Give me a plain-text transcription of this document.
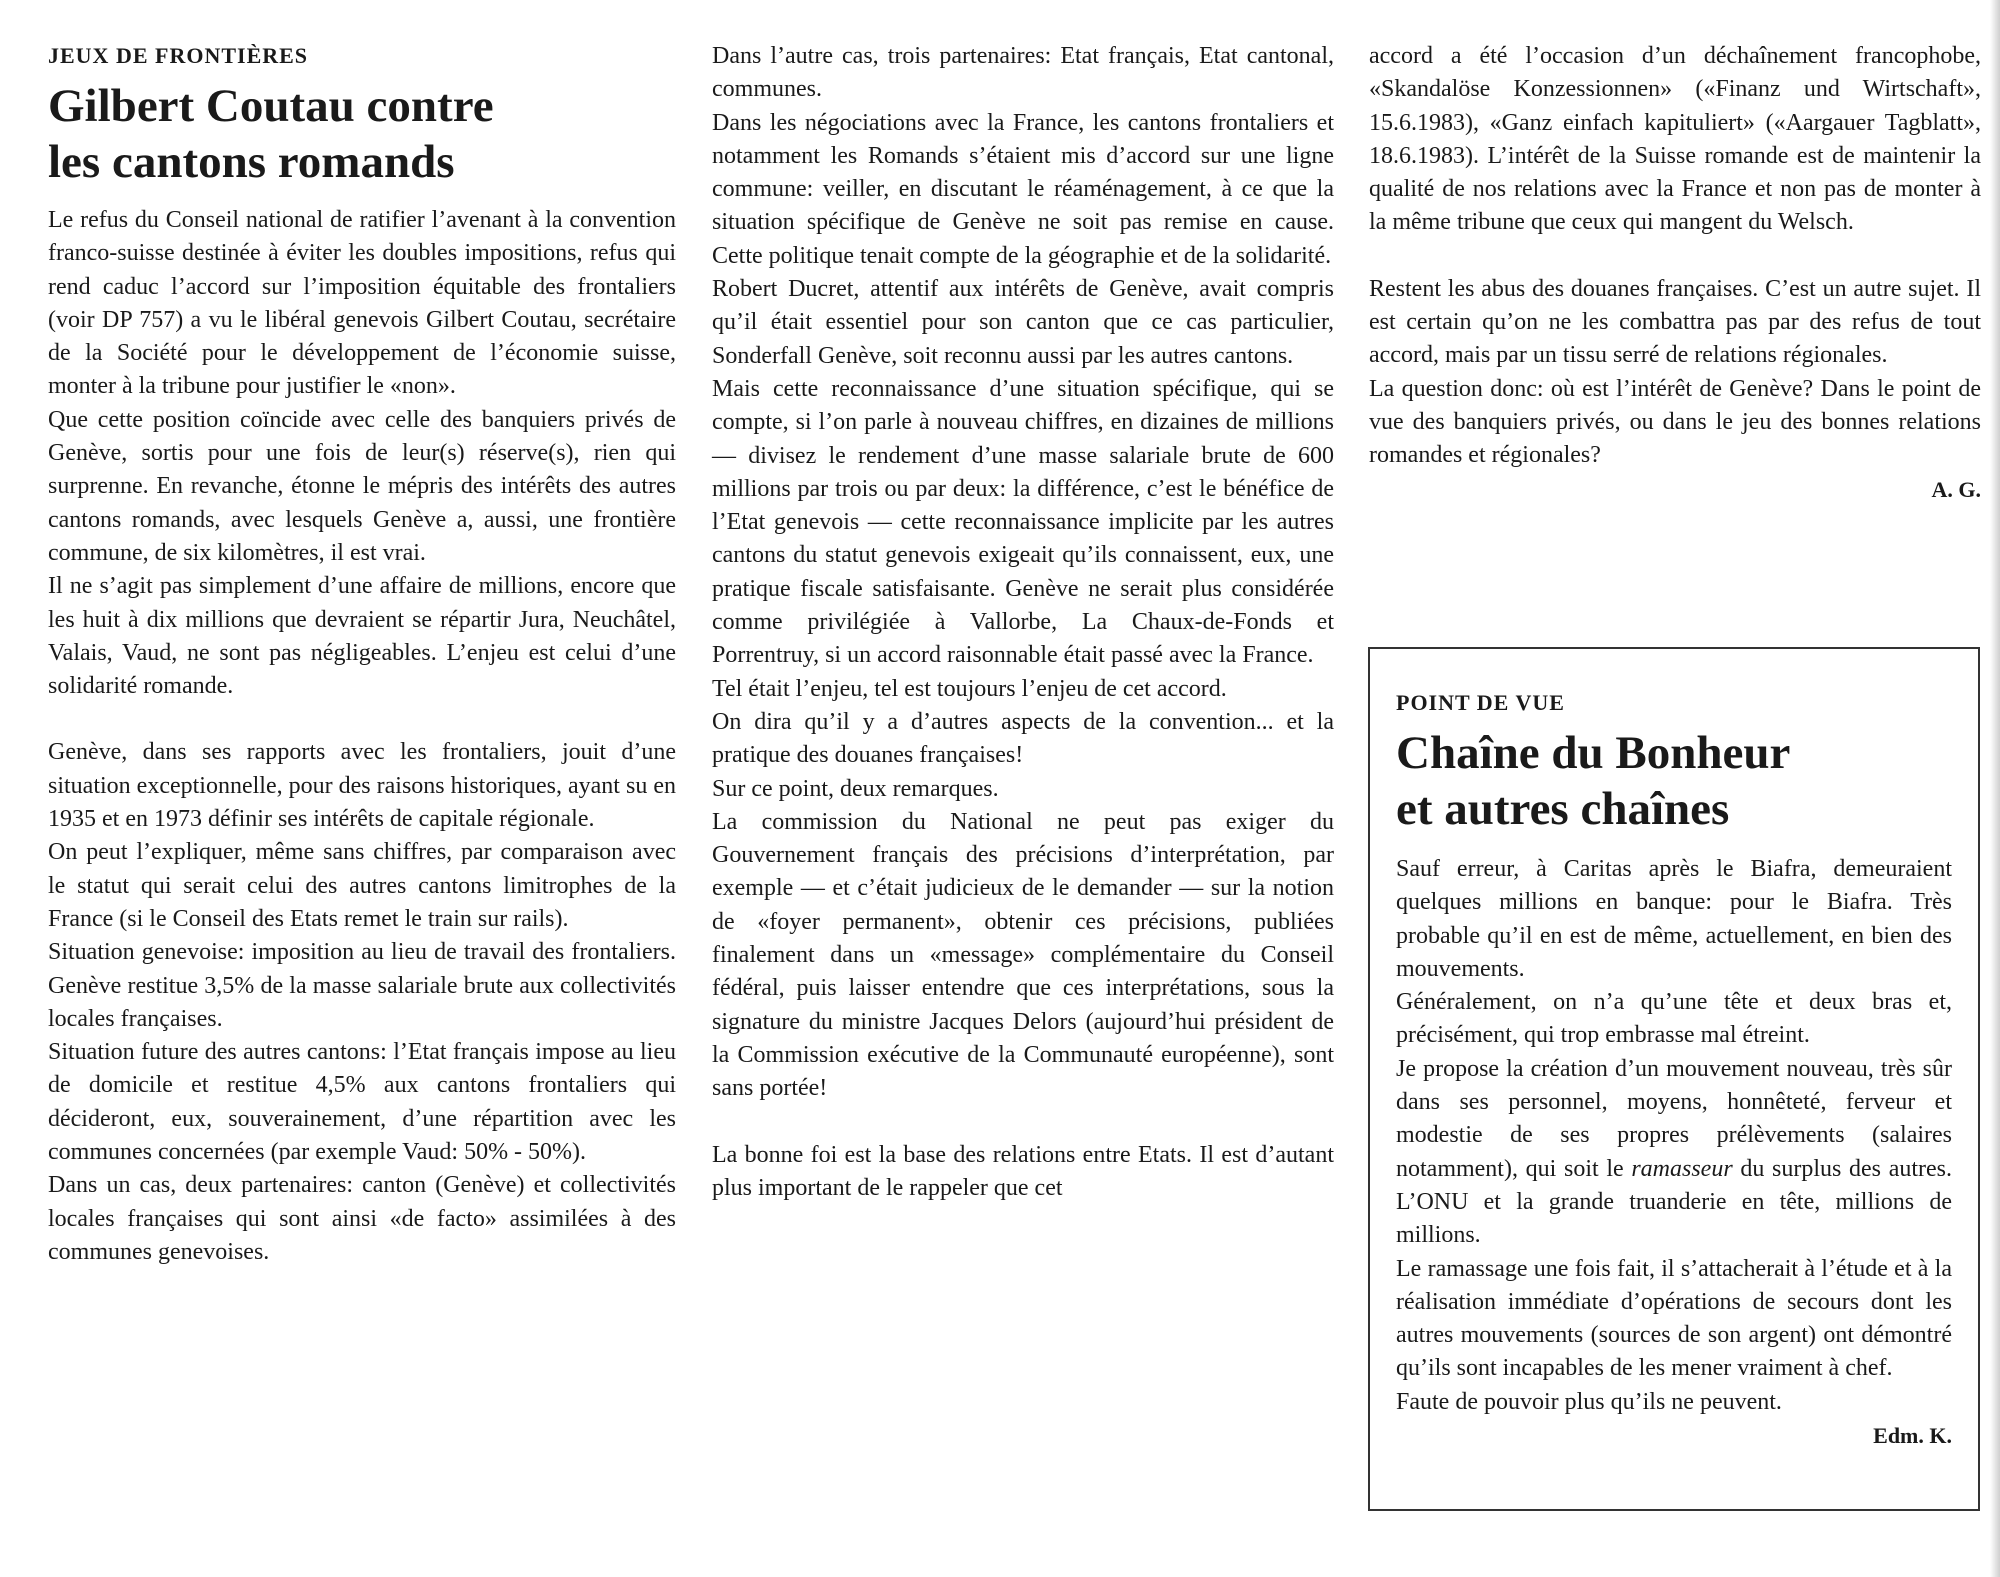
JEUX DE FRONTIÈRES
Gilbert Coutau contre
les cantons romands

Le refus du Conseil national de ratifier l’avenant à la convention franco-suisse destinée à éviter les doubles impositions, refus qui rend caduc l’accord sur l’imposition équitable des frontaliers (voir DP 757) a vu le libéral genevois Gilbert Coutau, secrétaire de la Société pour le développement de l’économie suisse, monter à la tribune pour justifier le «non».

Que cette position coïncide avec celle des banquiers privés de Genève, sortis pour une fois de leur(s) réserve(s), rien qui surprenne. En revanche, étonne le mépris des intérêts des autres cantons romands, avec lesquels Genève a, aussi, une frontière commune, de six kilomètres, il est vrai.

Il ne s’agit pas simplement d’une affaire de millions, encore que les huit à dix millions que devraient se répartir Jura, Neuchâtel, Valais, Vaud, ne sont pas négligeables. L’enjeu est celui d’une solidarité romande.

Genève, dans ses rapports avec les frontaliers, jouit d’une situation exceptionnelle, pour des raisons historiques, ayant su en 1935 et en 1973 définir ses intérêts de capitale régionale.

On peut l’expliquer, même sans chiffres, par comparaison avec le statut qui serait celui des autres cantons limitrophes de la France (si le Conseil des Etats remet le train sur rails).

Situation genevoise: imposition au lieu de travail des frontaliers. Genève restitue 3,5% de la masse salariale brute aux collectivités locales françaises.

Situation future des autres cantons: l’Etat français impose au lieu de domicile et restitue 4,5% aux cantons frontaliers qui décideront, eux, souverainement, d’une répartition avec les communes concernées (par exemple Vaud: 50% - 50%).

Dans un cas, deux partenaires: canton (Genève) et collectivités locales françaises qui sont ainsi «de facto» assimilées à des communes genevoises.

Dans l’autre cas, trois partenaires: Etat français, Etat cantonal, communes.

Dans les négociations avec la France, les cantons frontaliers et notamment les Romands s’étaient mis d’accord sur une ligne commune: veiller, en discutant le réaménagement, à ce que la situation spécifique de Genève ne soit pas remise en cause. Cette politique tenait compte de la géographie et de la solidarité.

Robert Ducret, attentif aux intérêts de Genève, avait compris qu’il était essentiel pour son canton que ce cas particulier, Sonderfall Genève, soit reconnu aussi par les autres cantons.

Mais cette reconnaissance d’une situation spécifique, qui se compte, si l’on parle à nouveau chiffres, en dizaines de millions — divisez le rendement d’une masse salariale brute de 600 millions par trois ou par deux: la différence, c’est le bénéfice de l’Etat genevois — cette reconnaissance implicite par les autres cantons du statut genevois exigeait qu’ils connaissent, eux, une pratique fiscale satisfaisante. Genève ne serait plus considérée comme privilégiée à Vallorbe, La Chaux-de-Fonds et Porrentruy, si un accord raisonnable était passé avec la France.

Tel était l’enjeu, tel est toujours l’enjeu de cet accord.

On dira qu’il y a d’autres aspects de la convention... et la pratique des douanes françaises!

Sur ce point, deux remarques.

La commission du National ne peut pas exiger du Gouvernement français des précisions d’interprétation, par exemple — et c’était judicieux de le demander — sur la notion de «foyer permanent», obtenir ces précisions, publiées finalement dans un «message» complémentaire du Conseil fédéral, puis laisser entendre que ces interprétations, sous la signature du ministre Jacques Delors (aujourd’hui président de la Commission exécutive de la Communauté européenne), sont sans portée!

La bonne foi est la base des relations entre Etats. Il est d’autant plus important de le rappeler que cet

accord a été l’occasion d’un déchaînement francophobe, «Skandalöse Konzessionnen» («Finanz und Wirtschaft», 15.6.1983), «Ganz einfach kapituliert» («Aargauer Tagblatt», 18.6.1983). L’intérêt de la Suisse romande est de maintenir la qualité de nos relations avec la France et non pas de monter à la même tribune que ceux qui mangent du Welsch.

Restent les abus des douanes françaises. C’est un autre sujet. Il est certain qu’on ne les combattra pas par des refus de tout accord, mais par un tissu serré de relations régionales.

La question donc: où est l’intérêt de Genève? Dans le point de vue des banquiers privés, ou dans le jeu des bonnes relations romandes et régionales?

A. G.
POINT DE VUE
Chaîne du Bonheur
et autres chaînes

Sauf erreur, à Caritas après le Biafra, demeuraient quelques millions en banque: pour le Biafra. Très probable qu’il en est de même, actuellement, en bien des mouvements.

Généralement, on n’a qu’une tête et deux bras et, précisément, qui trop embrasse mal étreint.

Je propose la création d’un mouvement nouveau, très sûr dans ses personnel, moyens, honnêteté, ferveur et modestie de ses propres prélèvements (salaires notamment), qui soit le ramasseur du surplus des autres. L’ONU et la grande truanderie en tête, millions de millions.

Le ramassage une fois fait, il s’attacherait à l’étude et à la réalisation immédiate d’opérations de secours dont les autres mouvements (sources de son argent) ont démontré qu’ils sont incapables de les mener vraiment à chef.

Faute de pouvoir plus qu’ils ne peuvent.

Edm. K.
